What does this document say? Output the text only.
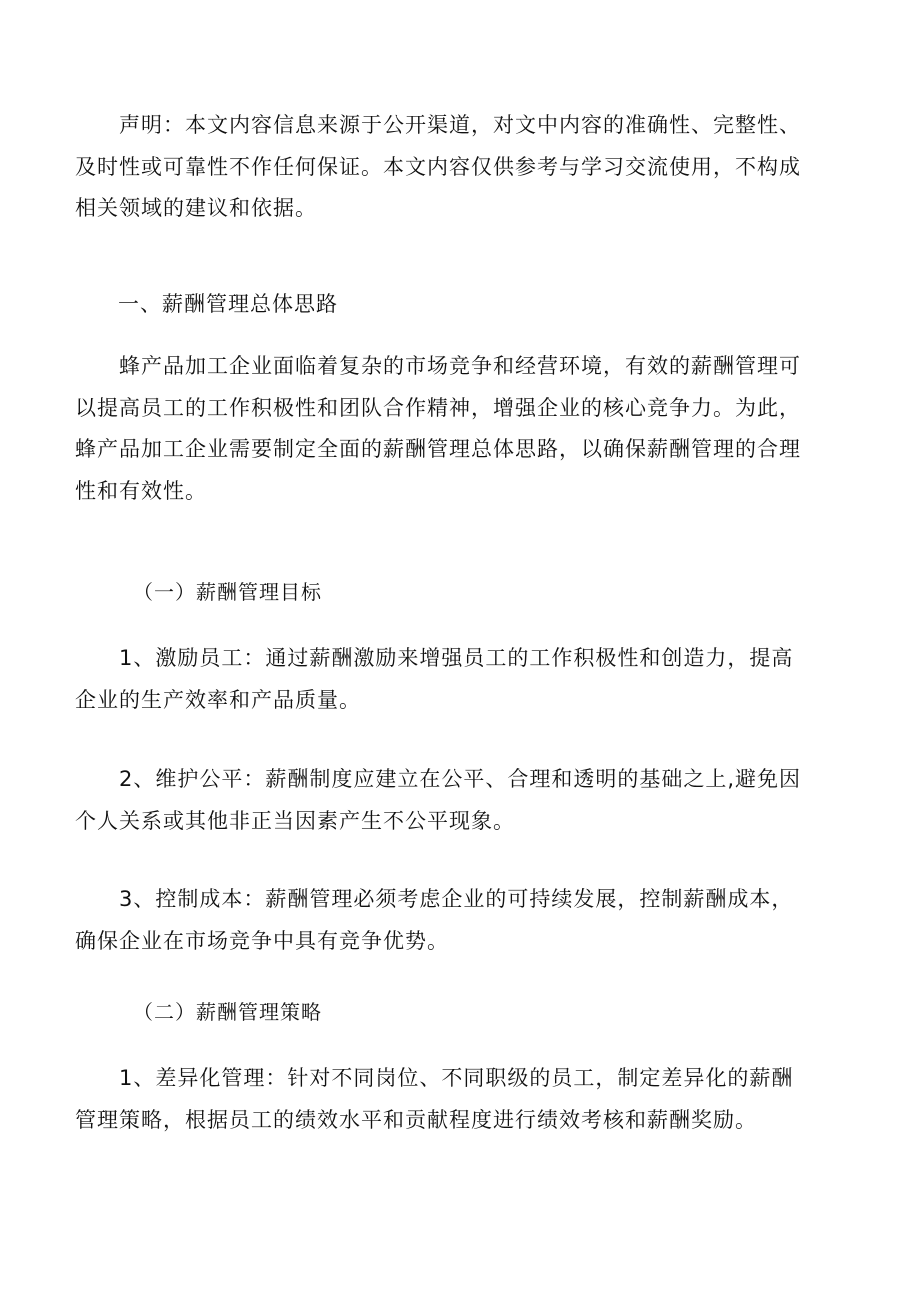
　　声明：本文内容信息来源于公开渠道，对文中内容的准确性、完整性、
及时性或可靠性不作任何保证。本文内容仅供参考与学习交流使用，不构成
相关领域的建议和依据。
一、薪酬管理总体思路
　　蜂产品加工企业面临着复杂的市场竞争和经营环境，有效的薪酬管理可
以提高员工的工作积极性和团队合作精神，增强企业的核心竞争力。为此，
蜂产品加工企业需要制定全面的薪酬管理总体思路，以确保薪酬管理的合理
性和有效性。
（一）薪酬管理目标
　　1、激励员工：通过薪酬激励来增强员工的工作积极性和创造力，提高
企业的生产效率和产品质量。
　　2、维护公平：薪酬制度应建立在公平、合理和透明的基础之上,避免因
个人关系或其他非正当因素产生不公平现象。
　　3、控制成本：薪酬管理必须考虑企业的可持续发展，控制薪酬成本，
确保企业在市场竞争中具有竞争优势。
（二）薪酬管理策略
　　1、差异化管理：针对不同岗位、不同职级的员工，制定差异化的薪酬
管理策略，根据员工的绩效水平和贡献程度进行绩效考核和薪酬奖励。
